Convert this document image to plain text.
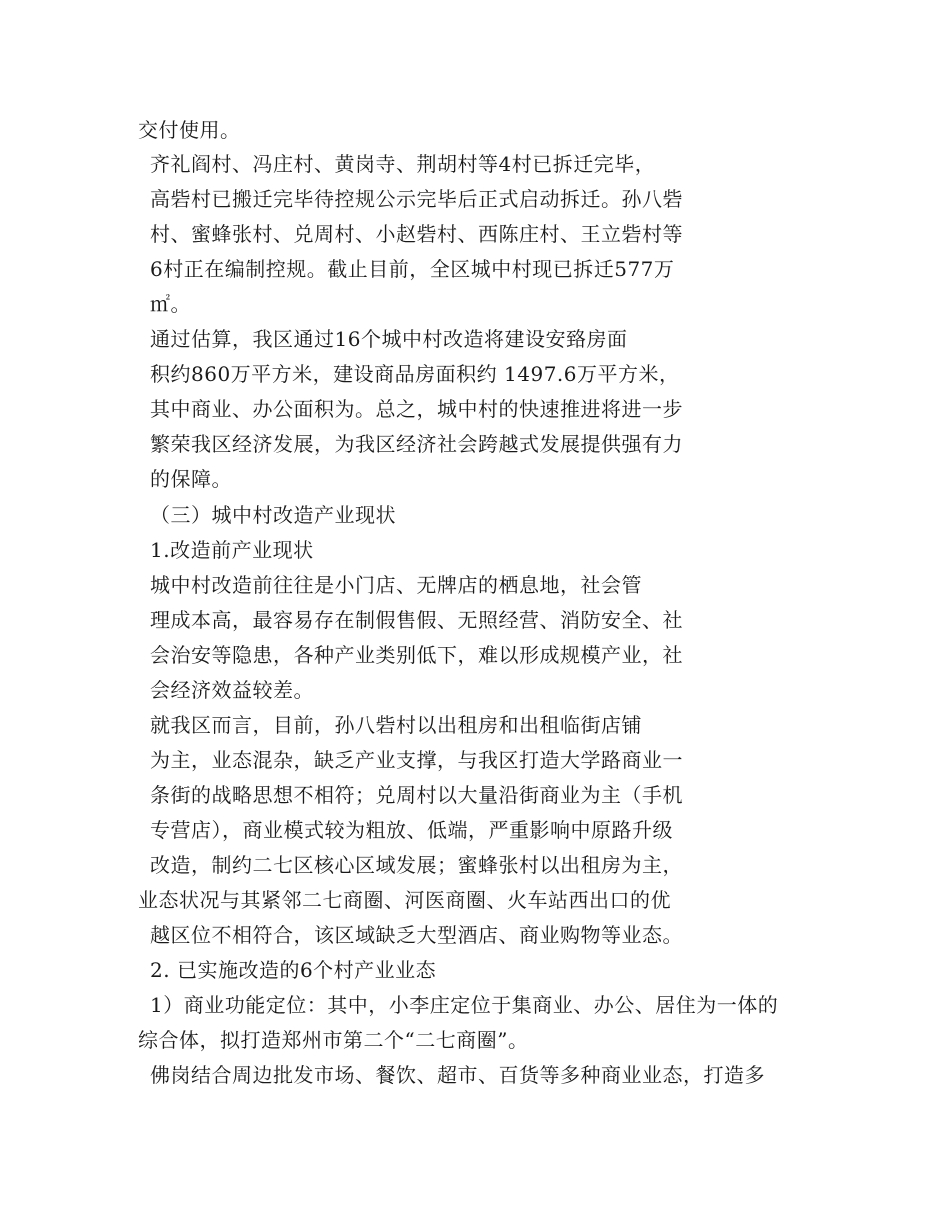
交付使用。
齐礼阎村、冯庄村、黄岗寺、荆胡村等4村已拆迁完毕，
高砦村已搬迁完毕待控规公示完毕后正式启动拆迁。孙八砦
村、蜜蜂张村、兑周村、小赵砦村、西陈庄村、王立砦村等
6村正在编制控规。截止目前，全区城中村现已拆迁577万
㎡。
通过估算，我区通过16个城中村改造将建设安臵房面
积约860万平方米，建设商品房面积约 1497.6万平方米，
其中商业、办公面积为。总之，城中村的快速推进将进一步
繁荣我区经济发展，为我区经济社会跨越式发展提供强有力
的保障。
（三）城中村改造产业现状
1.改造前产业现状
城中村改造前往往是小门店、无牌店的栖息地，社会管
理成本高，最容易存在制假售假、无照经营、消防安全、社
会治安等隐患，各种产业类别低下，难以形成规模产业，社
会经济效益较差。
就我区而言，目前，孙八砦村以出租房和出租临街店铺
为主，业态混杂，缺乏产业支撑，与我区打造大学路商业一
条街的战略思想不相符；兑周村以大量沿街商业为主（手机
专营店），商业模式较为粗放、低端，严重影响中原路升级
改造，制约二七区核心区域发展；蜜蜂张村以出租房为主，
业态状况与其紧邻二七商圈、河医商圈、火车站西出口的优
越区位不相符合，该区域缺乏大型酒店、商业购物等业态。
2. 已实施改造的6个村产业业态
1）商业功能定位：其中，小李庄定位于集商业、办公、居住为一体的
综合体，拟打造郑州市第二个“二七商圈”。
佛岗结合周边批发市场、餐饮、超市、百货等多种商业业态，打造多
